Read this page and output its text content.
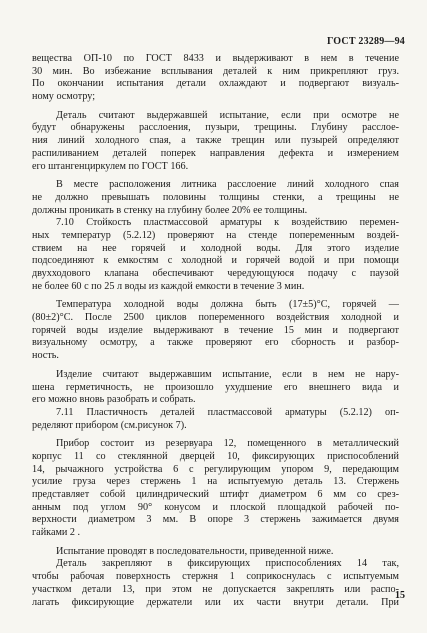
ГОСТ 23289—94
вещества ОП-10 по ГОСТ 8433 и выдерживают в нем в течение
30 мин. Во избежание всплывания деталей к ним прикрепляют груз.
По окончании испытания детали охлаждают и подвергают визуаль-
ному осмотру;
Деталь считают выдержавшей испытание, если при осмотре не
будут обнаружены расслоения, пузыри, трещины. Глубину расслое-
ния линий холодного спая, а также трещин или пузырей определяют
распиливанием деталей поперек направления дефекта и измерением
его штангенциркулем по ГОСТ 166.
В месте расположения литника расслоение линий холодного спая
не должно превышать половины толщины стенки, а трещины не
должны проникать в стенку на глубину более 20% ее толщины.
7.10 Стойкость пластмассовой арматуры к воздействию перемен-
ных температур (5.2.12) проверяют на стенде попеременным воздей-
ствием на нее горячей и холодной воды. Для этого изделие
подсоединяют к емкостям с холодной и горячей водой и при помощи
двухходового клапана обеспечивают чередующуюся подачу с паузой
не более 60 с по 25 л воды из каждой емкости в течение 3 мин.
Температура холодной воды должна быть (17±5)°С, горячей —
(80±2)°С. После 2500 циклов попеременного воздействия холодной и
горячей воды изделие выдерживают в течение 15 мин и подвергают
визуальному осмотру, а также проверяют его сборность и разбор-
ность.
Изделие считают выдержавшим испытание, если в нем не нару-
шена герметичность, не произошло ухудшение его внешнего вида и
его можно вновь разобрать и собрать.
7.11 Пластичность деталей пластмассовой арматуры (5.2.12) оп-
ределяют прибором (см.рисунок 7).
Прибор состоит из резервуара 12, помещенного в металлический
корпус 11 со стеклянной дверцей 10, фиксирующих приспособлений
14, рычажного устройства 6 с регулирующим упором 9, передающим
усилие груза через стержень 1 на испытуемую деталь 13. Стержень
представляет собой цилиндрический штифт диаметром 6 мм со срез-
анным под углом 90° конусом и плоской площадкой рабочей по-
верхности диаметром 3 мм. В опоре 3 стержень зажимается двумя
гайками 2 .
Испытание проводят в последовательности, приведенной ниже.
Деталь закрепляют в фиксирующих приспособлениях 14 так,
чтобы рабочая поверхность стержня 1 соприкоснулась с испытуемым
участком детали 13, при этом не допускается закреплять или распо-
лагать фиксирующие держатели или их части внутри детали. При
15
